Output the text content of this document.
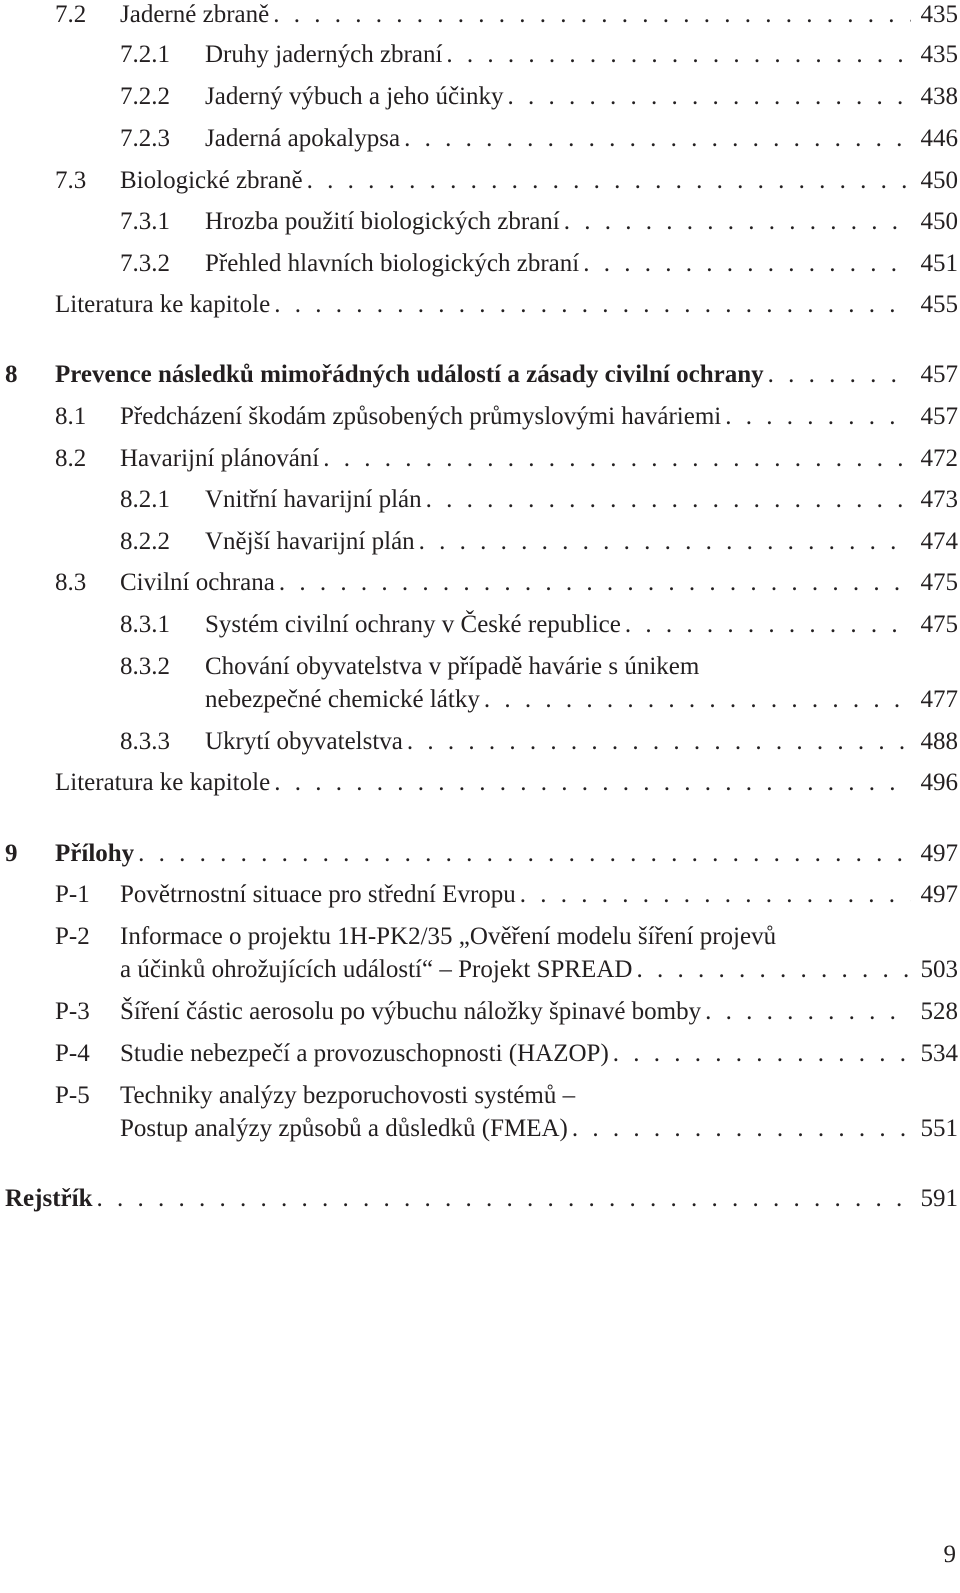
7.2 Jaderné zbraně . . .	435
7.2.1 Druhy jaderných zbraní . . .	435
7.2.2 Jaderný výbuch a jeho účinky . . .	438
7.2.3 Jaderná apokalypsa . . .	446
7.3 Biologické zbraně . . .	450
7.3.1 Hrozba použití biologických zbraní . . .	450
7.3.2 Přehled hlavních biologických zbraní . . .	451
Literatura ke kapitole . . .	455
8 Prevence následků mimořádných událostí a zásady civilní ochrany . . .	457
8.1 Předcházení škodám způsobených průmyslovými haváriemi . . .	457
8.2 Havarijní plánování . . .	472
8.2.1 Vnitřní havarijní plán . . .	473
8.2.2 Vnější havarijní plán . . .	474
8.3 Civilní ochrana . . .	475
8.3.1 Systém civilní ochrany v České republice . . .	475
8.3.2 Chování obyvatelstva v případě havárie s únikem
nebezpečné chemické látky . . .	477
8.3.3 Ukrytí obyvatelstva . . .	488
Literatura ke kapitole . . .	496
9 Přílohy . . .	497
P-1 Povětrnostní situace pro střední Evropu . . .	497
P-2 Informace o projektu 1H-PK2/35 „Ověření modelu šíření projevů
a účinků ohrožujících událostí“ – Projekt SPREAD . . .	503
P-3 Šíření částic aerosolu po výbuchu náložky špinavé bomby . . .	528
P-4 Studie nebezpečí a provozuschopnosti (HAZOP) . . .	534
P-5 Techniky analýzy bezporuchovosti systémů –
Postup analýzy způsobů a důsledků (FMEA) . . .	551
Rejstřík . . .	591
9
